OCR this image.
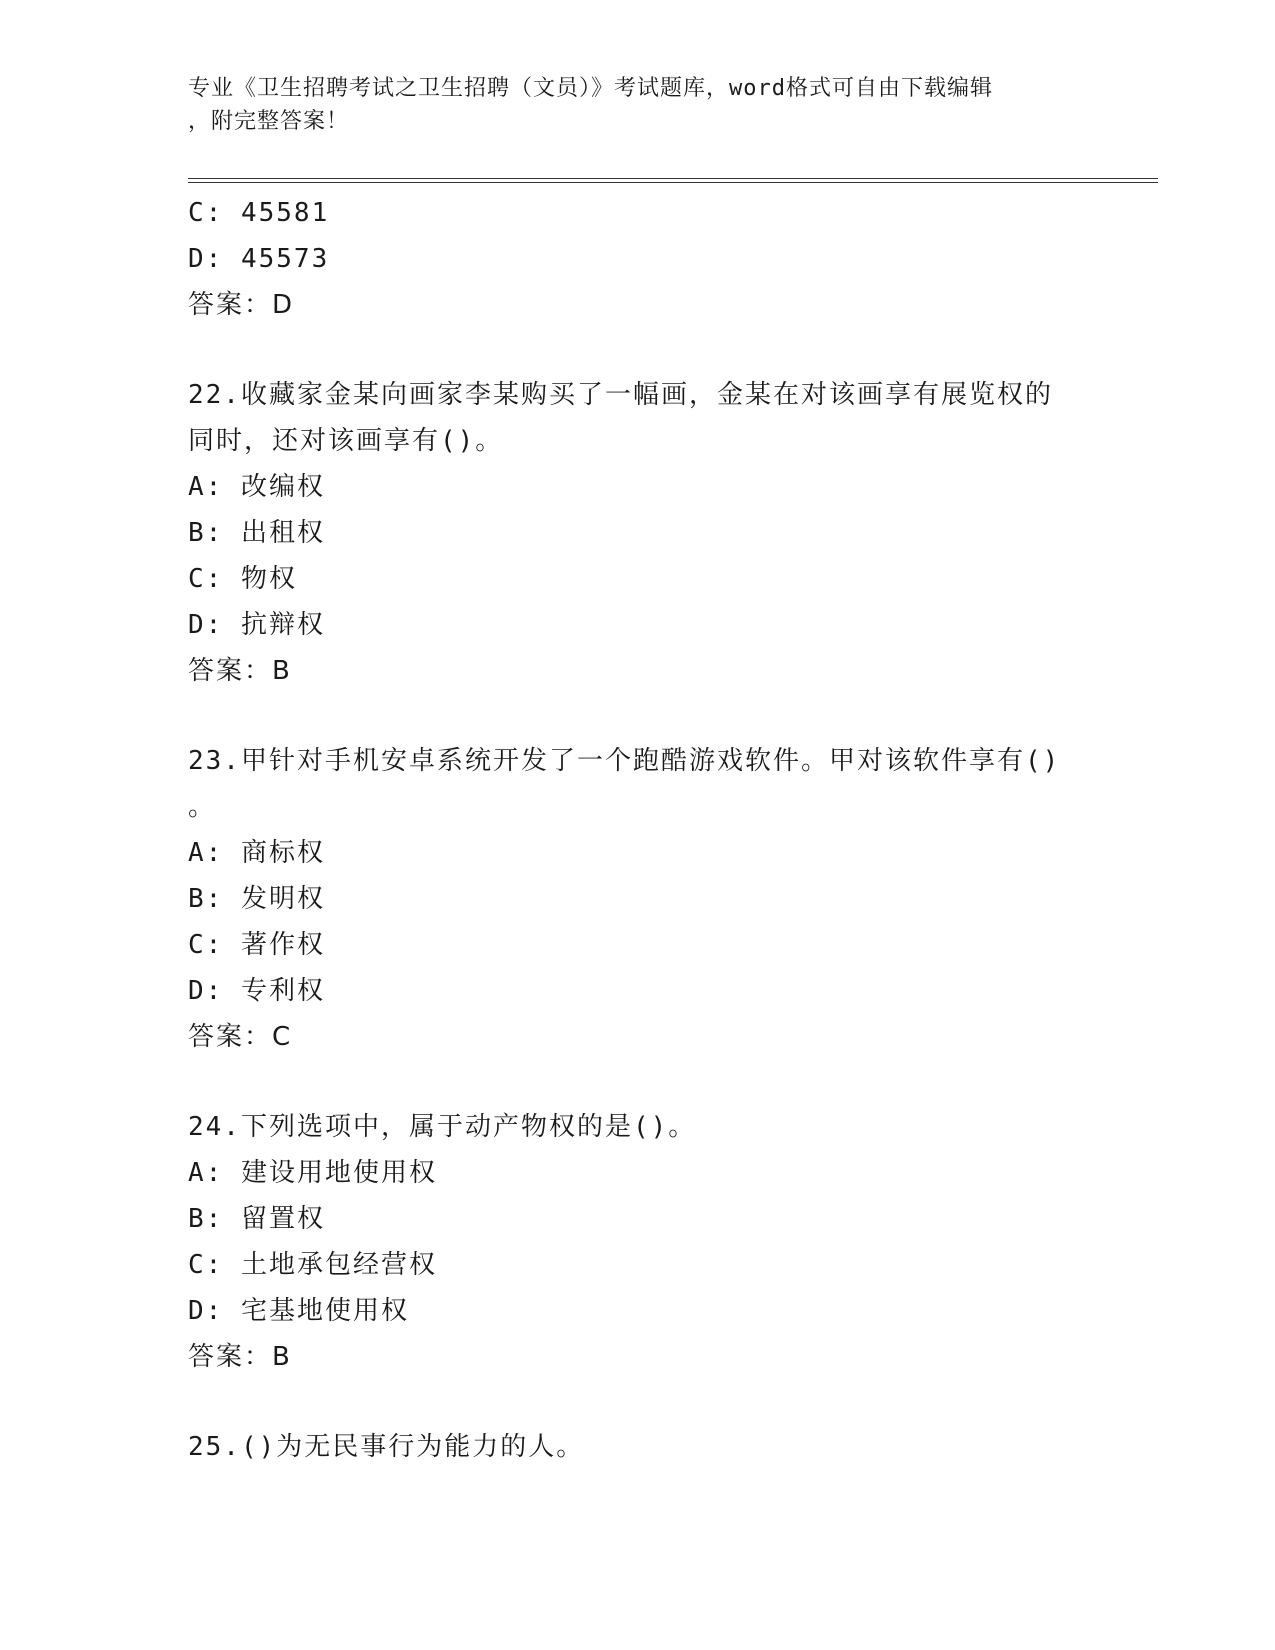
专业《卫生招聘考试之卫生招聘（文员）》考试题库，word格式可自由下载编辑
，附完整答案！
C: 45581
D: 45573
答案：D
22.收藏家金某向画家李某购买了一幅画，金某在对该画享有展览权的
同时，还对该画享有()。
A: 改编权
B: 出租权
C: 物权
D: 抗辩权
答案：B
23.甲针对手机安卓系统开发了一个跑酷游戏软件。甲对该软件享有()
。
A: 商标权
B: 发明权
C: 著作权
D: 专利权
答案：C
24.下列选项中，属于动产物权的是()。
A: 建设用地使用权
B: 留置权
C: 土地承包经营权
D: 宅基地使用权
答案：B
25.()为无民事行为能力的人。
